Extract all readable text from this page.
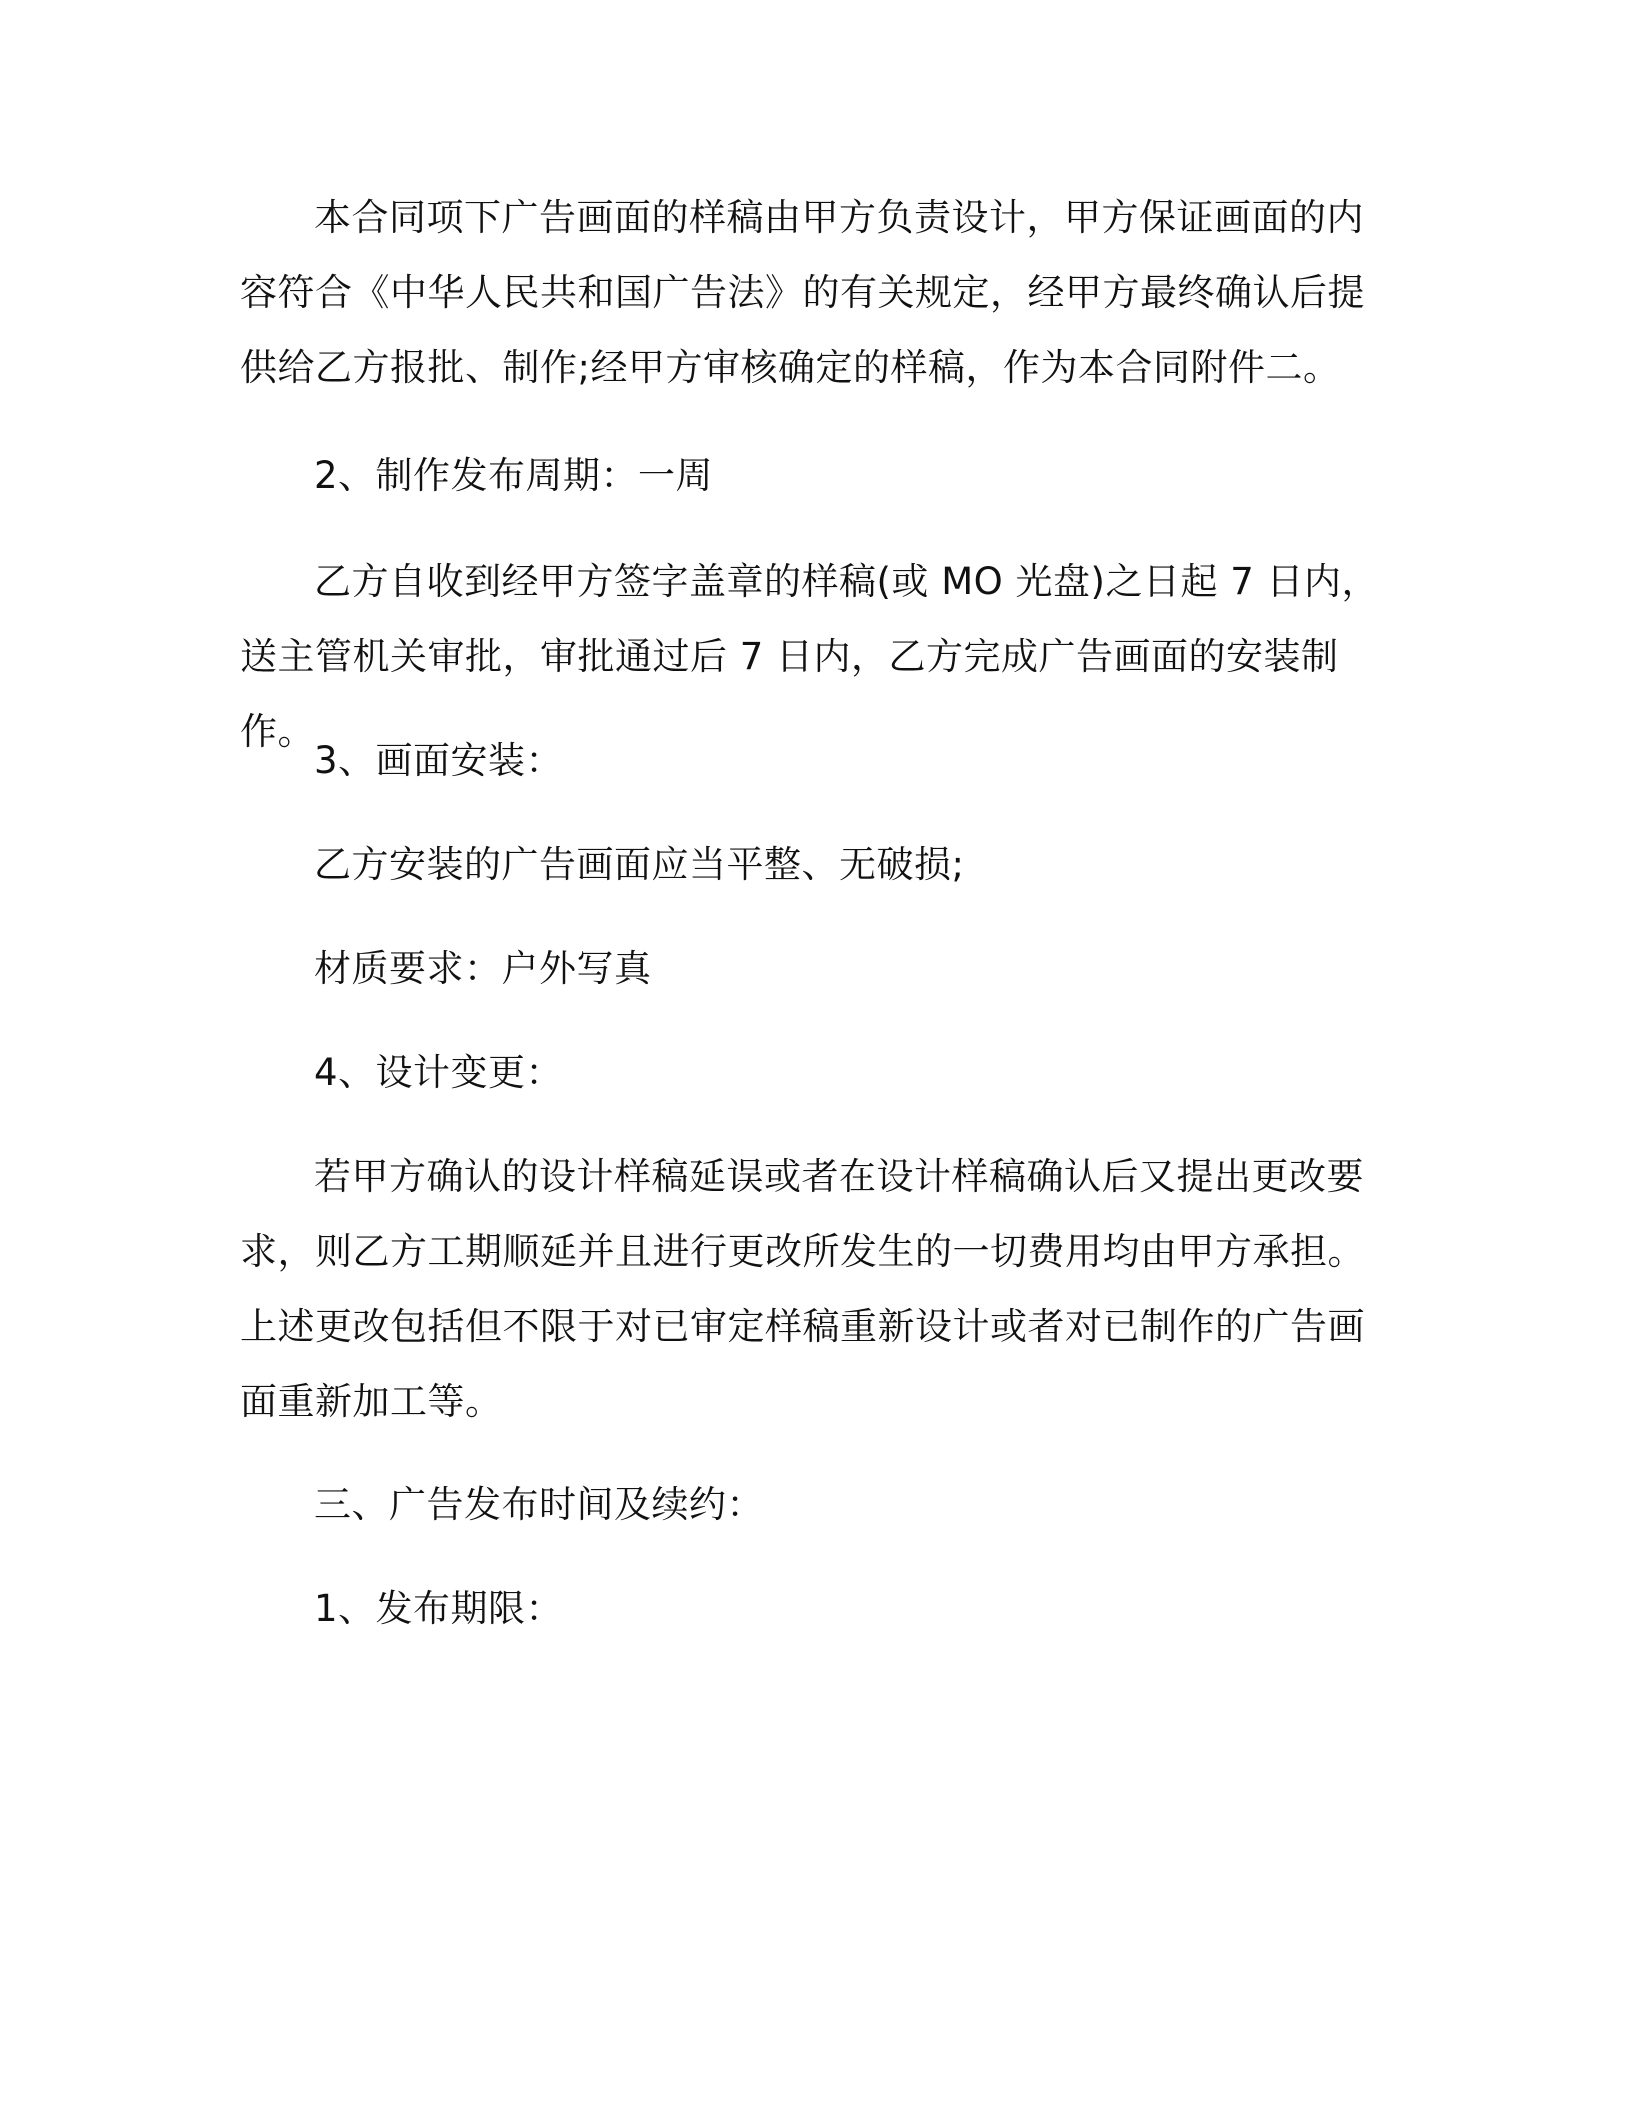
本合同项下广告画面的样稿由甲方负责设计，甲方保证画面的内容符合《中华人民共和国广告法》的有关规定，经甲方最终确认后提供给乙方报批、制作;经甲方审核确定的样稿，作为本合同附件二。

2、制作发布周期：一周

乙方自收到经甲方签字盖章的样稿(或 MO 光盘)之日起 7 日内，送主管机关审批，审批通过后 7 日内，乙方完成广告画面的安装制作。

3、画面安装：

乙方安装的广告画面应当平整、无破损;

材质要求：户外写真

4、设计变更：

若甲方确认的设计样稿延误或者在设计样稿确认后又提出更改要求，则乙方工期顺延并且进行更改所发生的一切费用均由甲方承担。上述更改包括但不限于对已审定样稿重新设计或者对已制作的广告画面重新加工等。

三、广告发布时间及续约：

1、发布期限：
